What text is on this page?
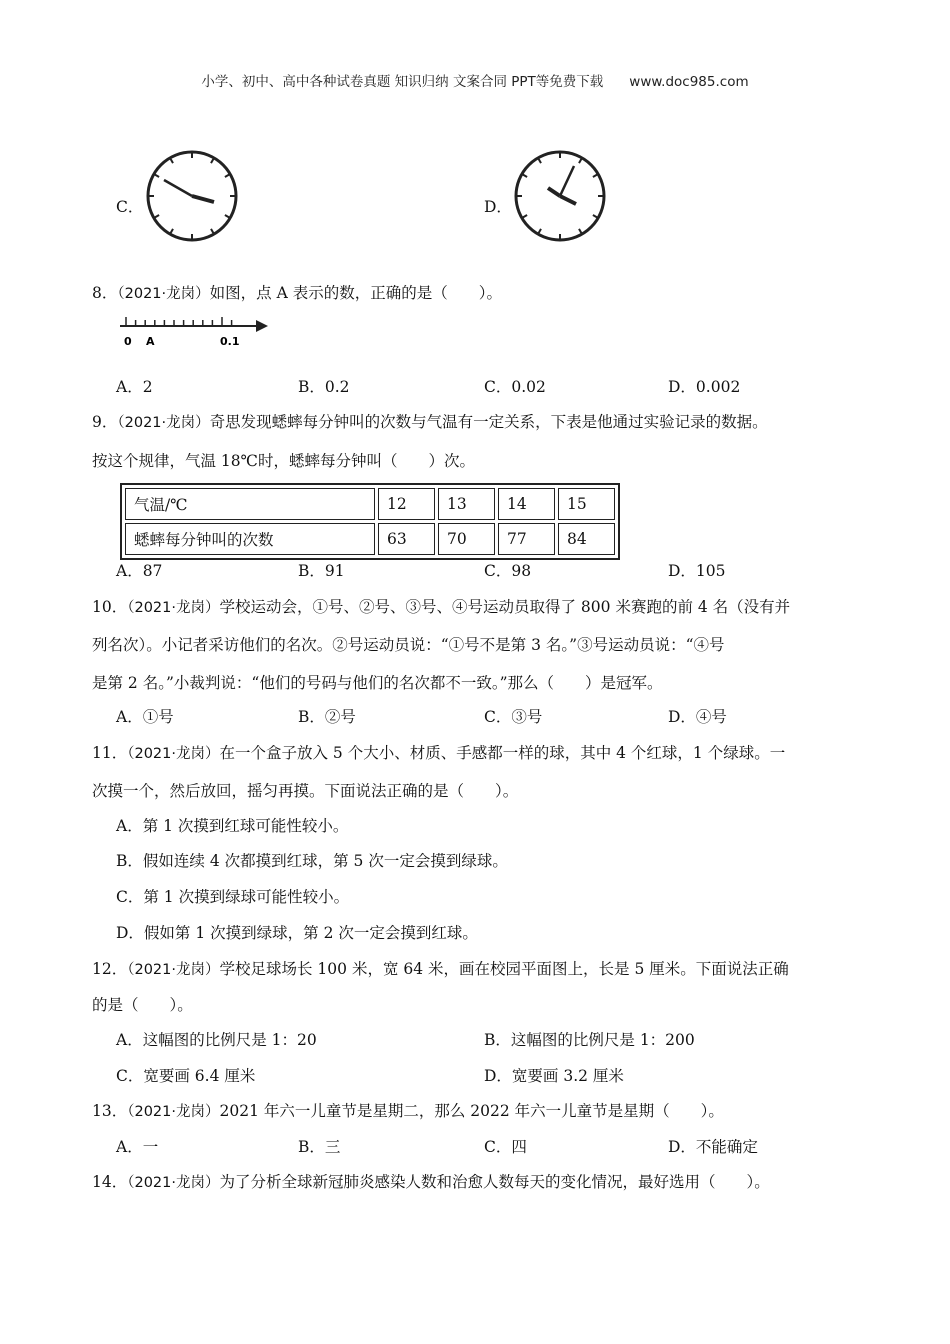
小学、初中、高中各种试卷真题 知识归纳 文案合同 PPT等免费下载 www.doc985.com
C．	D．
8．（2021·龙岗）如图，点 A 表示的数，正确的是（　　）。
0 A	0.1
A．2	B．0.2	C．0.02	D．0.002
9．（2021·龙岗）奇思发现蟋蟀每分钟叫的次数与气温有一定关系，下表是他通过实验记录的数据。
按这个规律，气温 18℃时，蟋蟀每分钟叫（　　）次。
气温/℃	12	13	14	15
蟋蟀每分钟叫的次数	63	70	77	84
A．87	B．91	C．98	D．105
10．（2021·龙岗）学校运动会，①号、②号、③号、④号运动员取得了 800 米赛跑的前 4 名（没有并
列名次）。小记者采访他们的名次。②号运动员说：“①号不是第 3 名。”③号运动员说：“④号
是第 2 名。”小裁判说：“他们的号码与他们的名次都不一致。”那么（　　）是冠军。
A．①号	B．②号	C．③号	D．④号
11．（2021·龙岗）在一个盒子放入 5 个大小、材质、手感都一样的球，其中 4 个红球，1 个绿球。一
次摸一个，然后放回，摇匀再摸。下面说法正确的是（　　）。
A．第 1 次摸到红球可能性较小。
B．假如连续 4 次都摸到红球，第 5 次一定会摸到绿球。
C．第 1 次摸到绿球可能性较小。
D．假如第 1 次摸到绿球，第 2 次一定会摸到红球。
12．（2021·龙岗）学校足球场长 100 米，宽 64 米，画在校园平面图上，长是 5 厘米。下面说法正确
的是（　　）。
A．这幅图的比例尺是 1：20	B．这幅图的比例尺是 1：200
C．宽要画 6.4 厘米	D．宽要画 3.2 厘米
13．（2021·龙岗）2021 年六一儿童节是星期二，那么 2022 年六一儿童节是星期（　　）。
A．一	B．三	C．四	D．不能确定
14．（2021·龙岗）为了分析全球新冠肺炎感染人数和治愈人数每天的变化情况，最好选用（　　）。
